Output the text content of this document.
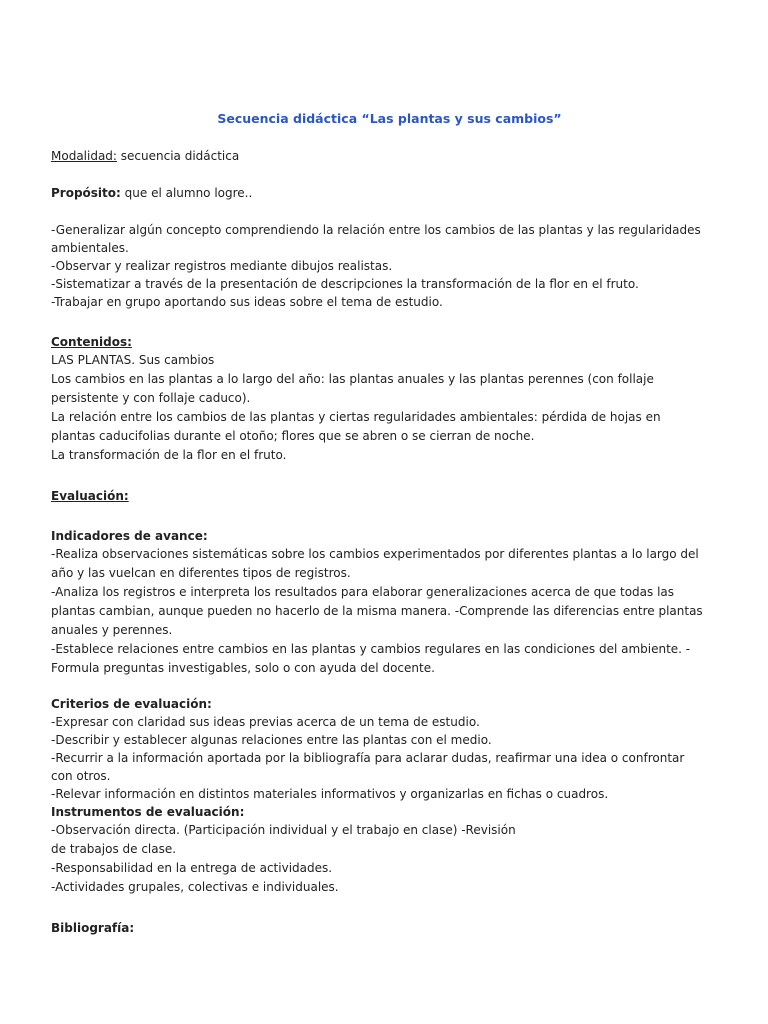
Secuencia didáctica “Las plantas y sus cambios”

Modalidad: secuencia didáctica

Propósito: que el alumno logre..

-Generalizar algún concepto comprendiendo la relación entre los cambios de las plantas y las regularidades ambientales.

-Observar y realizar registros mediante dibujos realistas.

-Sistematizar a través de la presentación de descripciones la transformación de la flor en el fruto.

-Trabajar en grupo aportando sus ideas sobre el tema de estudio.

Contenidos:

LAS PLANTAS. Sus cambios

Los cambios en las plantas a lo largo del año: las plantas anuales y las plantas perennes (con follaje persistente y con follaje caduco).

La relación entre los cambios de las plantas y ciertas regularidades ambientales: pérdida de hojas en plantas caducifolias durante el otoño; flores que se abren o se cierran de noche.

La transformación de la flor en el fruto.

Evaluación:

Indicadores de avance:

-Realiza observaciones sistemáticas sobre los cambios experimentados por diferentes plantas a lo largo del año y las vuelcan en diferentes tipos de registros.

-Analiza los registros e interpreta los resultados para elaborar generalizaciones acerca de que todas las plantas cambian, aunque pueden no hacerlo de la misma manera. -Comprende las diferencias entre plantas anuales y perennes.

-Establece relaciones entre cambios en las plantas y cambios regulares en las condiciones del ambiente. -Formula preguntas investigables, solo o con ayuda del docente.

Criterios de evaluación:

-Expresar con claridad sus ideas previas acerca de un tema de estudio.

-Describir y establecer algunas relaciones entre las plantas con el medio.

-Recurrir a la información aportada por la bibliografía para aclarar dudas, reafirmar una idea o confrontar con otros.

-Relevar información en distintos materiales informativos y organizarlas en fichas o cuadros.

Instrumentos de evaluación:

-Observación directa. (Participación individual y el trabajo en clase) -Revisión

de trabajos de clase.

-Responsabilidad en la entrega de actividades.

-Actividades grupales, colectivas e individuales.

Bibliografía:
